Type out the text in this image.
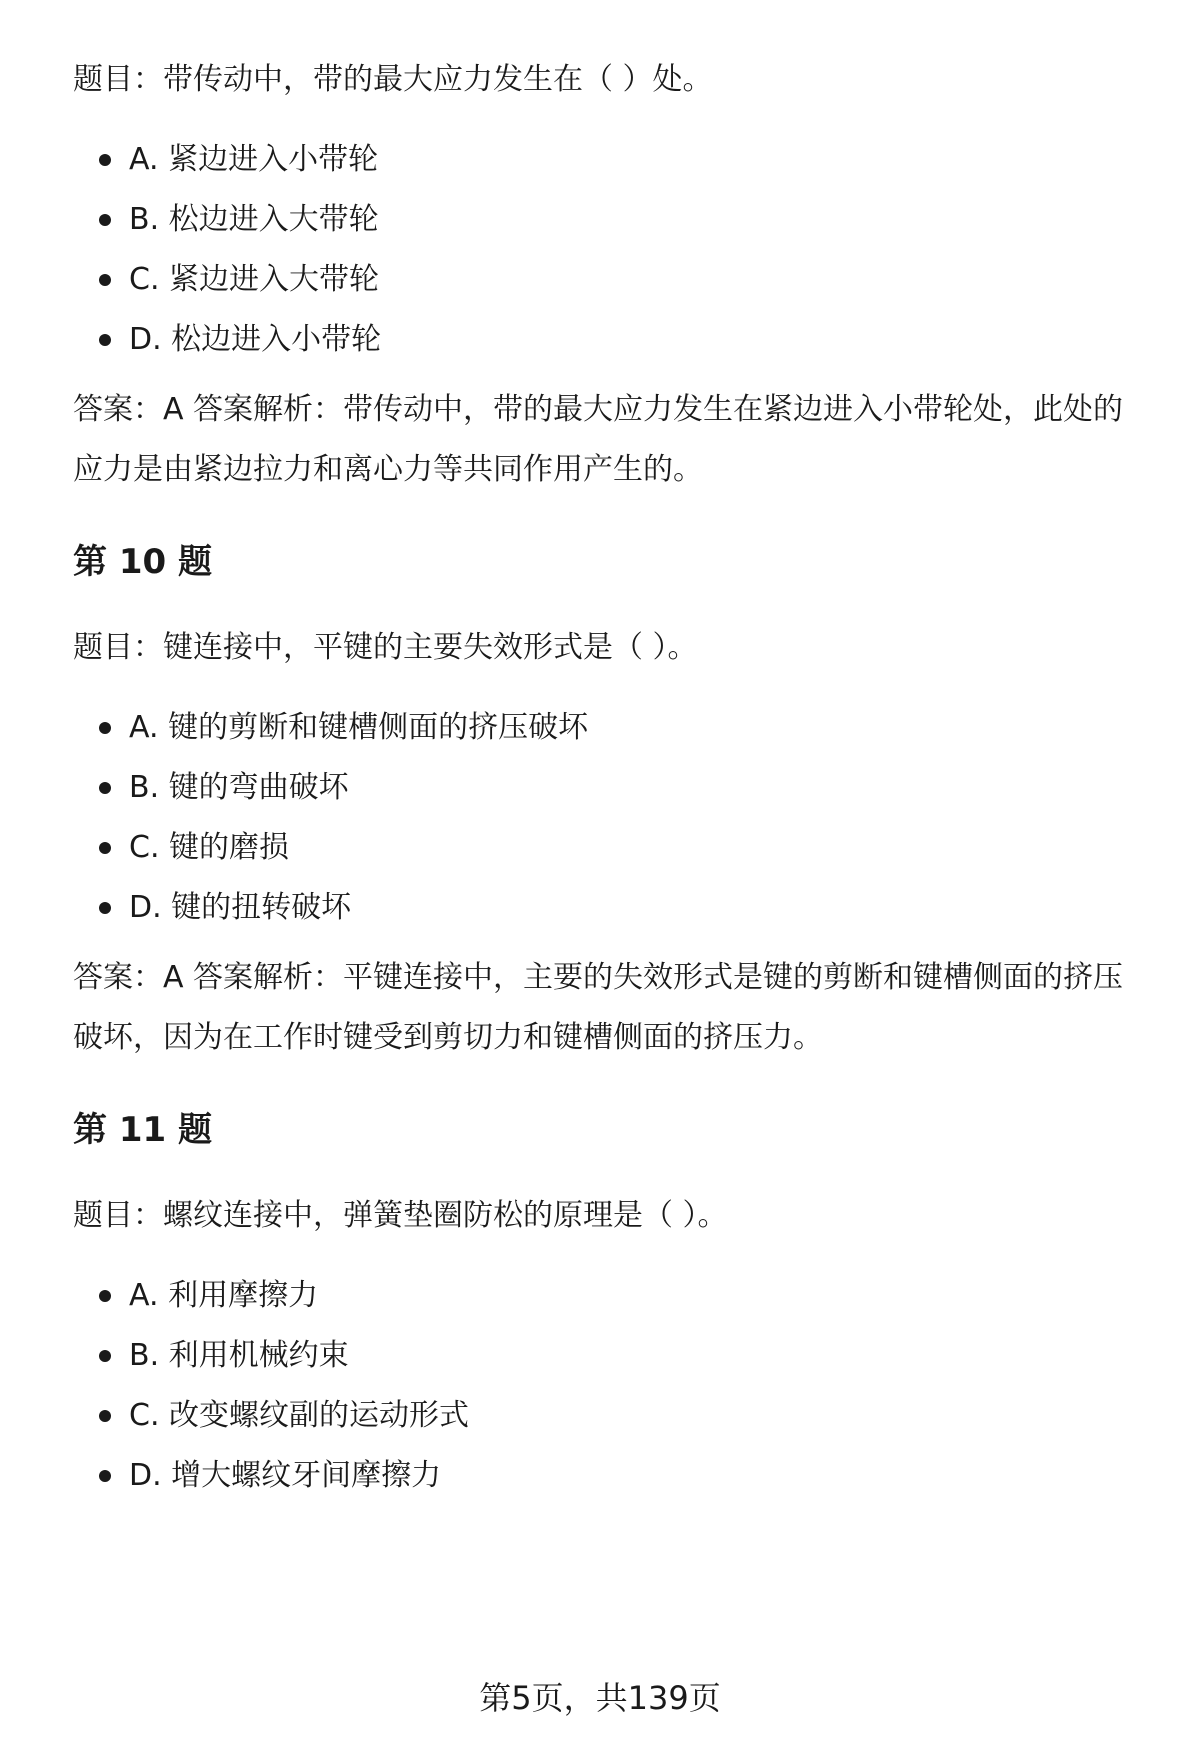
题目：带传动中，带的最大应力发生在（ ）处。

A. 紧边进入小带轮
B. 松边进入大带轮
C. 紧边进入大带轮
D. 松边进入小带轮

答案：A 答案解析：带传动中，带的最大应力发生在紧边进入小带轮处，此处的应力是由紧边拉力和离心力等共同作用产生的。

第 10 题

题目：键连接中，平键的主要失效形式是（ ）。

A. 键的剪断和键槽侧面的挤压破坏
B. 键的弯曲破坏
C. 键的磨损
D. 键的扭转破坏

答案：A 答案解析：平键连接中，主要的失效形式是键的剪断和键槽侧面的挤压破坏，因为在工作时键受到剪切力和键槽侧面的挤压力。

第 11 题

题目：螺纹连接中，弹簧垫圈防松的原理是（ ）。

A. 利用摩擦力
B. 利用机械约束
C. 改变螺纹副的运动形式
D. 增大螺纹牙间摩擦力
第5页，共139页
